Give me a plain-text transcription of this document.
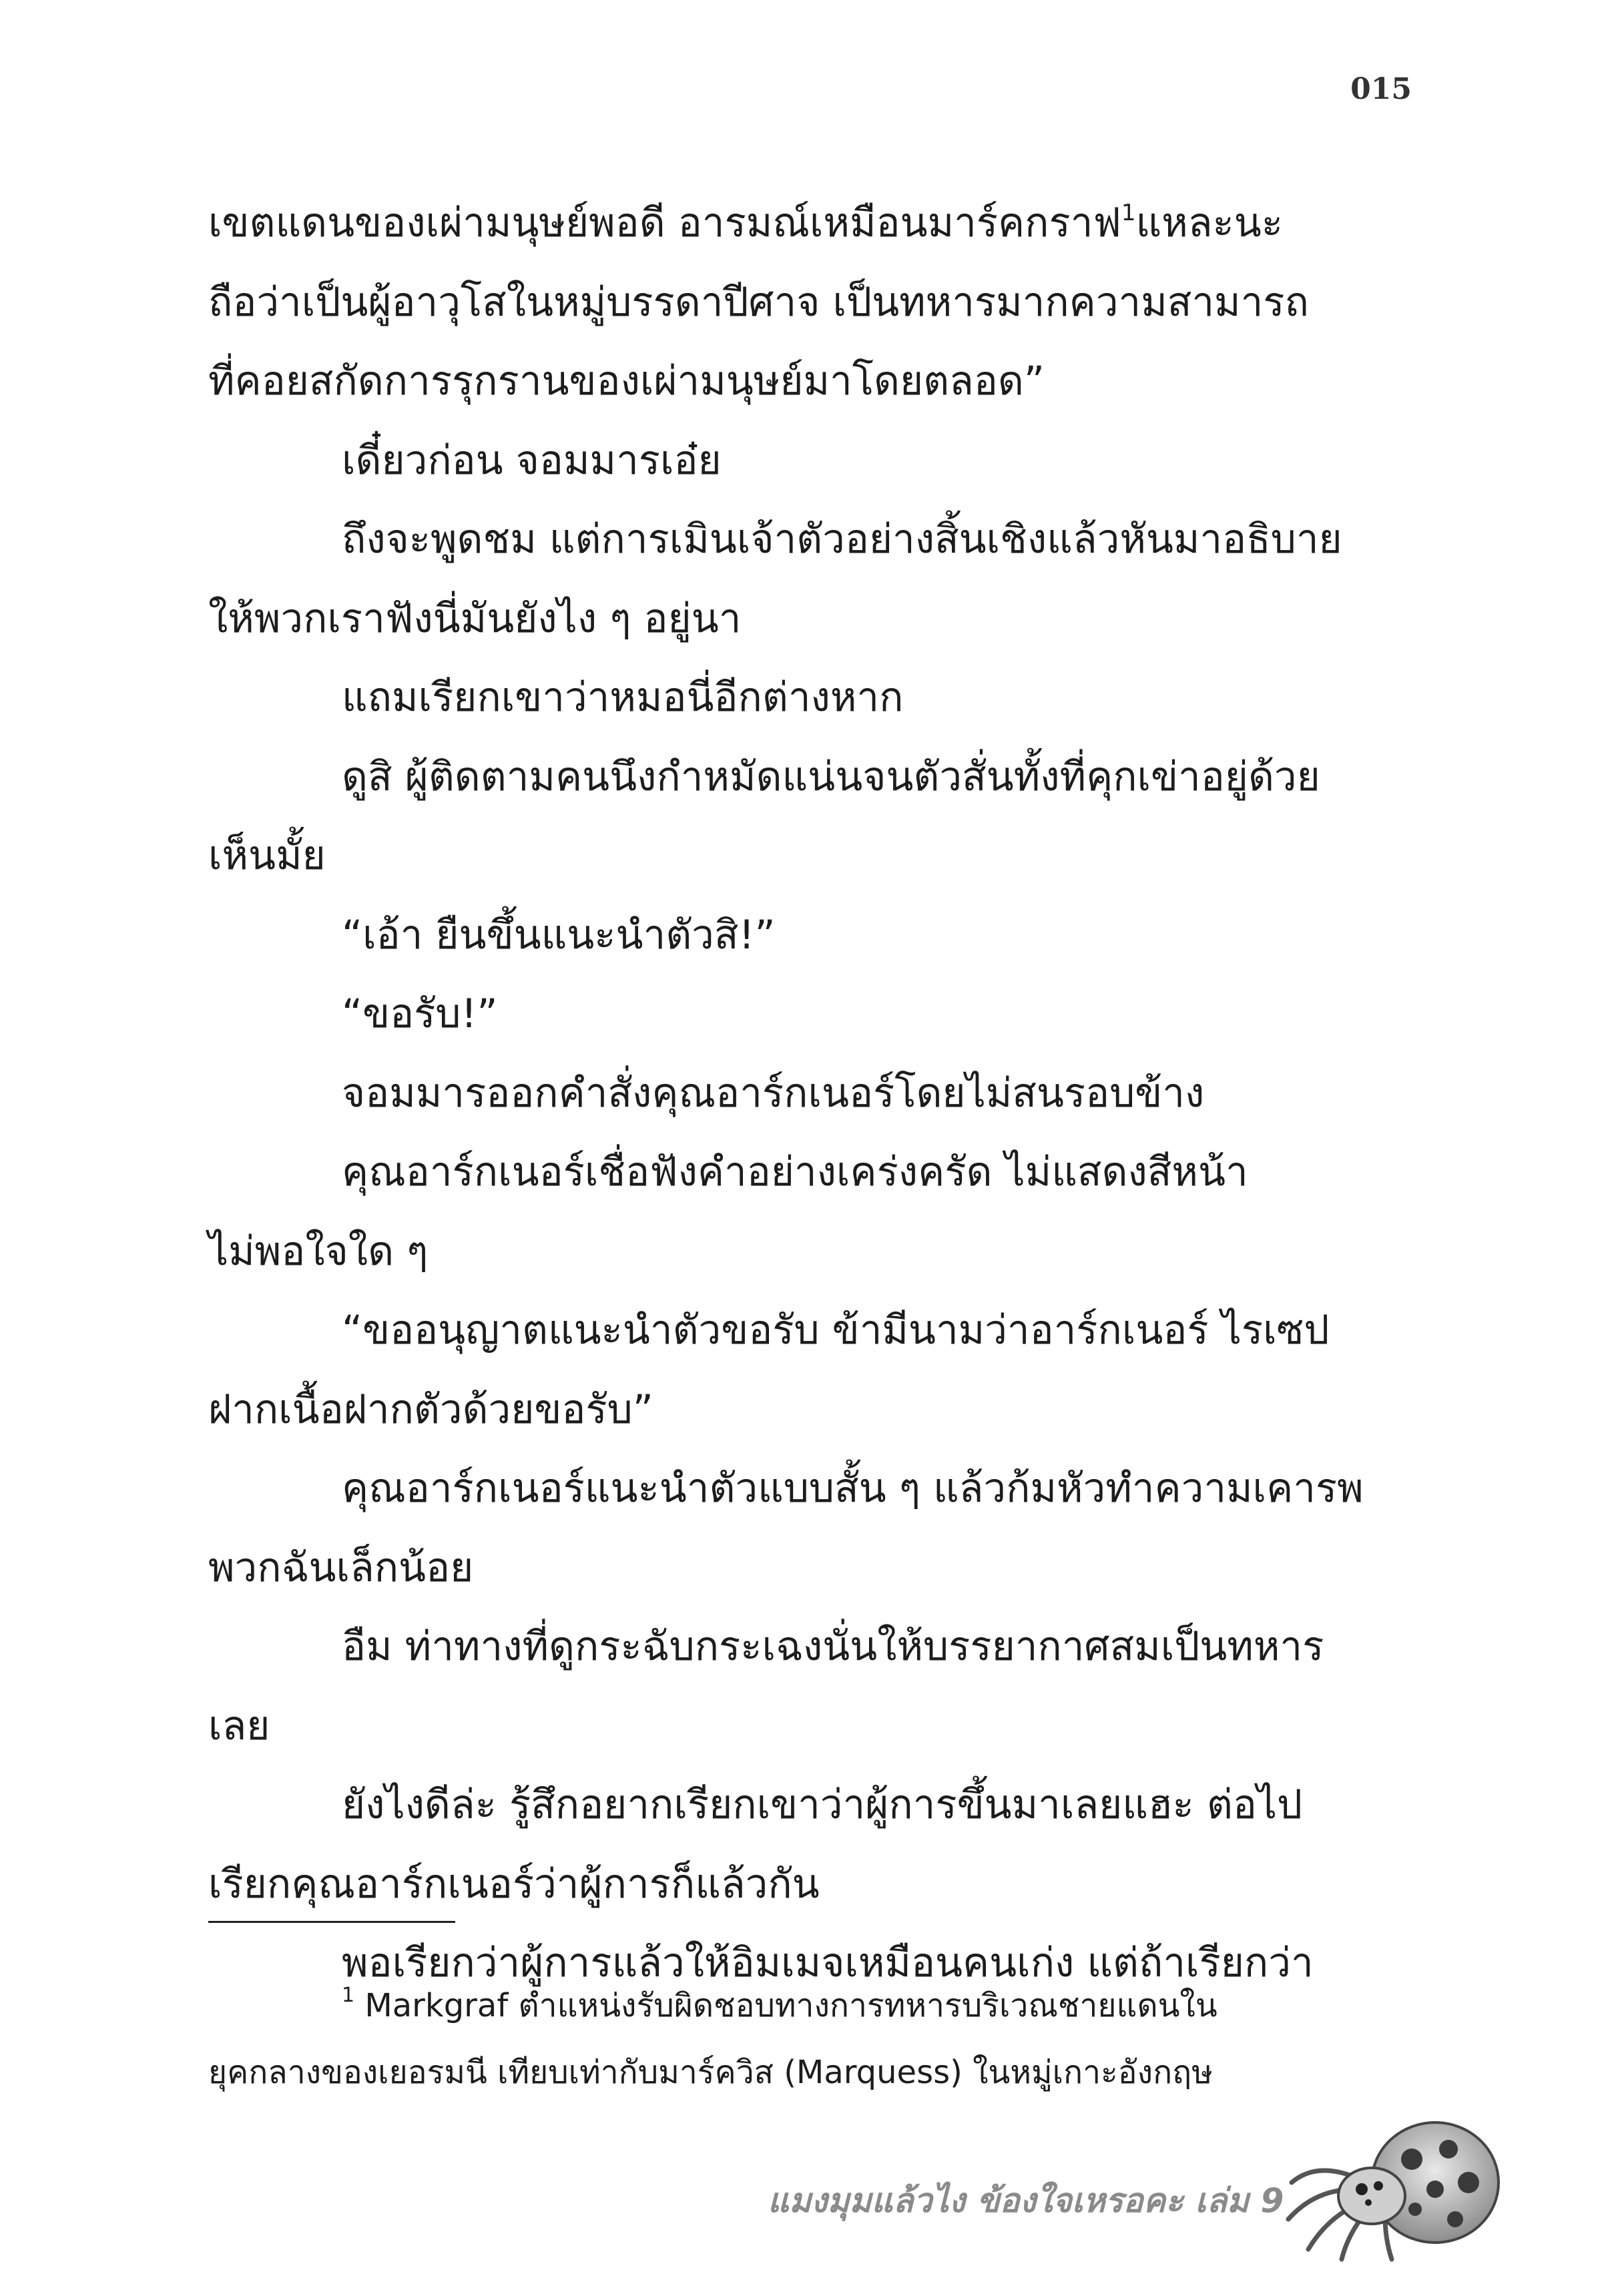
015

เขตแดนของเผ่ามนุษย์พอดี อารมณ์เหมือนมาร์คกราฟ$^1$แหละนะ

ถือว่าเป็นผู้อาวุโสในหมู่บรรดาปีศาจ เป็นทหารมากความสามารถ

ที่คอยสกัดการรุกรานของเผ่ามนุษย์มาโดยตลอด”

เดี๋ยวก่อน จอมมารเอ๋ย

ถึงจะพูดชม แต่การเมินเจ้าตัวอย่างสิ้นเชิงแล้วหันมาอธิบาย

ให้พวกเราฟังนี่มันยังไง ๆ อยู่นา

แถมเรียกเขาว่าหมอนี่อีกต่างหาก

ดูสิ ผู้ติดตามคนนึงกำหมัดแน่นจนตัวสั่นทั้งที่คุกเข่าอยู่ด้วย

เห็นมั้ย

“เอ้า ยืนขึ้นแนะนำตัวสิ!”

“ขอรับ!”

จอมมารออกคำสั่งคุณอาร์กเนอร์โดยไม่สนรอบข้าง

คุณอาร์กเนอร์เชื่อฟังคำอย่างเคร่งครัด ไม่แสดงสีหน้า

ไม่พอใจใด ๆ

“ขออนุญาตแนะนำตัวขอรับ ข้ามีนามว่าอาร์กเนอร์ ไรเซป

ฝากเนื้อฝากตัวด้วยขอรับ”

คุณอาร์กเนอร์แนะนำตัวแบบสั้น ๆ แล้วก้มหัวทำความเคารพ

พวกฉันเล็กน้อย

อืม ท่าทางที่ดูกระฉับกระเฉงนั่นให้บรรยากาศสมเป็นทหาร

เลย

ยังไงดีล่ะ รู้สึกอยากเรียกเขาว่าผู้การขึ้นมาเลยแฮะ ต่อไป

เรียกคุณอาร์กเนอร์ว่าผู้การก็แล้วกัน

พอเรียกว่าผู้การแล้วให้อิมเมจเหมือนคนเก่ง แต่ถ้าเรียกว่า

$^1$ Markgraf ตำแหน่งรับผิดชอบทางการทหารบริเวณชายแดนใน

ยุคกลางของเยอรมนี เทียบเท่ากับมาร์ควิส (Marquess) ในหมู่เกาะอังกฤษ

แมงมุมแล้วไง ข้องใจเหรอคะ เล่ม 9
